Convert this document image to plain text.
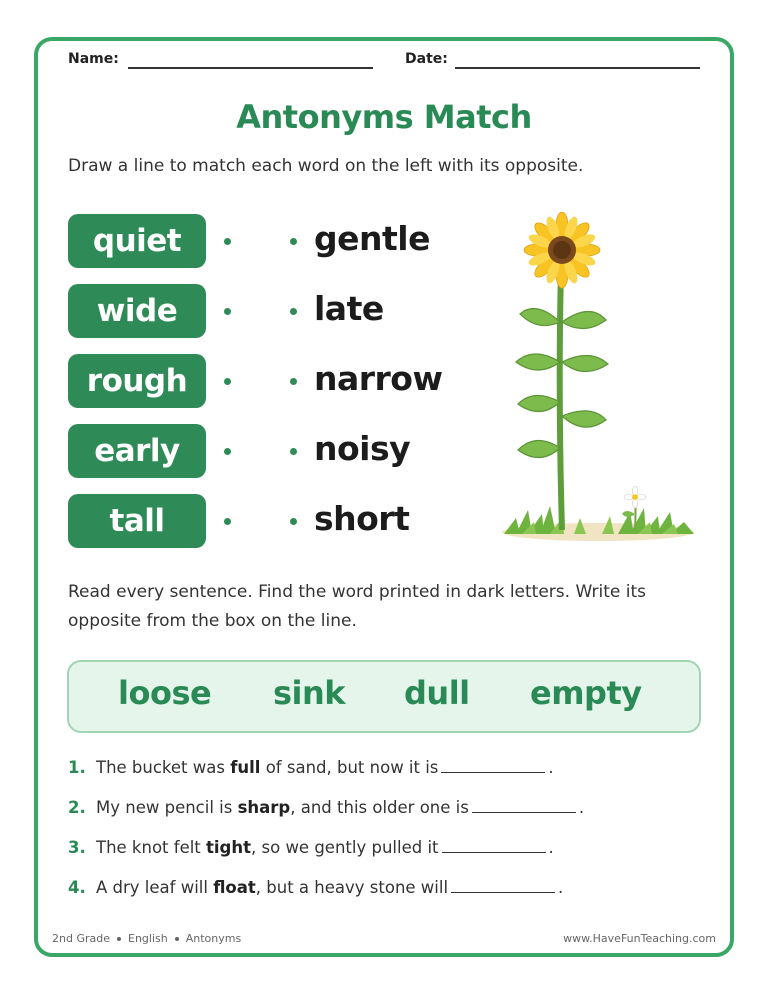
Name:	Date:
Antonyms Match
Draw a line to match each word on the left with its opposite.
quiet
wide
rough
early
tall
gentle
late
narrow
noisy
short
Read every sentence. Find the word printed in dark letters. Write its opposite from the box on the line.
loose sink dull empty
1. The bucket was full of sand, but now it is	.
2. My new pencil is sharp, and this older one is	.
3. The knot felt tight, so we gently pulled it	.
4. A dry leaf will float, but a heavy stone will	.
2nd Grade English Antonyms	www.HaveFunTeaching.com
